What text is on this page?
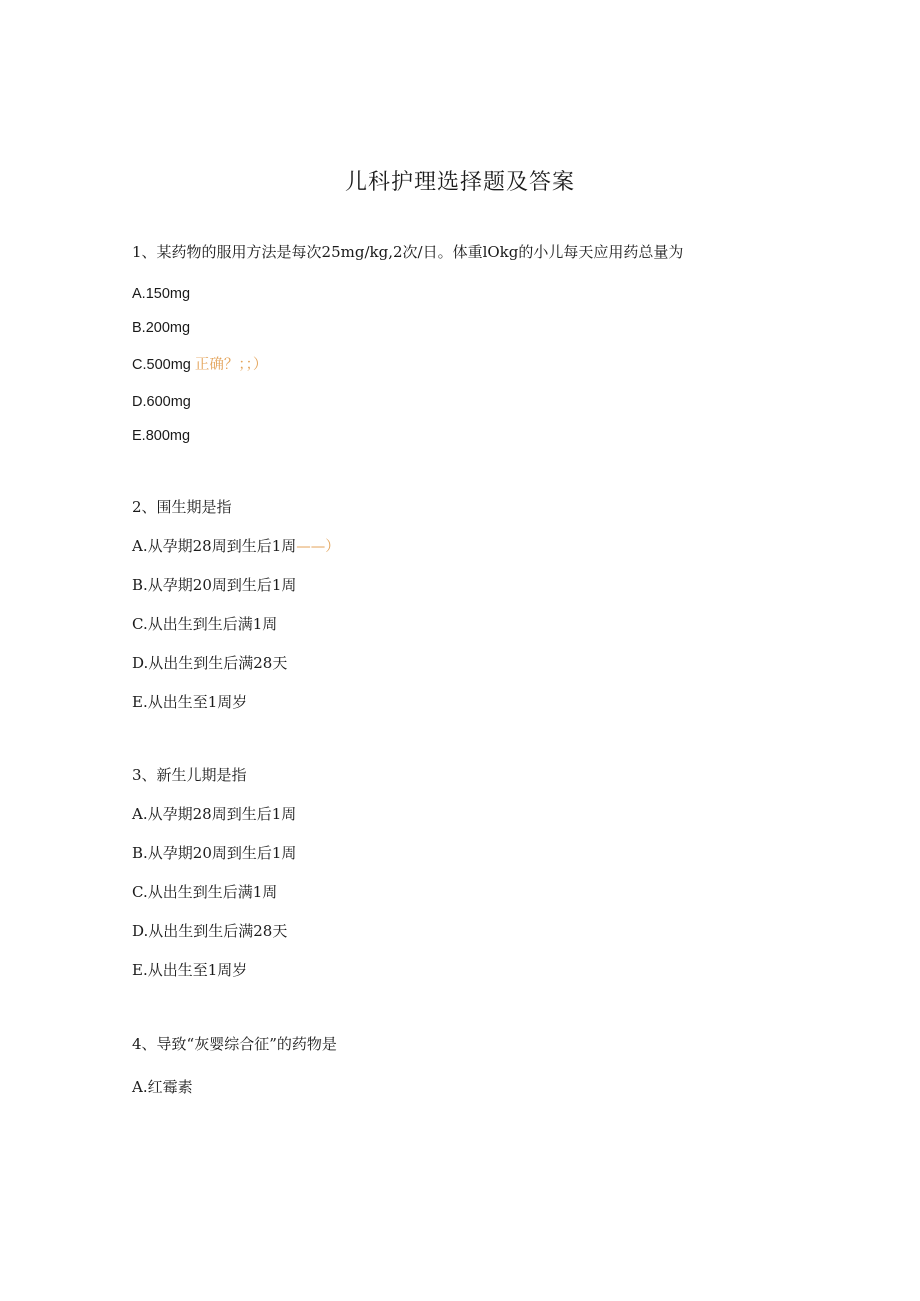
儿科护理选择题及答案
1、某药物的服用方法是每次25mg∕kg,2次/日。体重lOkg的小儿每天应用药总量为
A.150mg
B.200mg
C.500mg 正确？；；）
D.600mg
E.800mg
2、围生期是指
A.从孕期28周到生后1周——）
B.从孕期20周到生后1周
C.从出生到生后满1周
D.从出生到生后满28天
E.从出生至1周岁
3、新生儿期是指
A.从孕期28周到生后1周
B.从孕期20周到生后1周
C.从出生到生后满1周
D.从出生到生后满28天
E.从出生至1周岁
4、导致“灰婴综合征”的药物是
A.红霉素
